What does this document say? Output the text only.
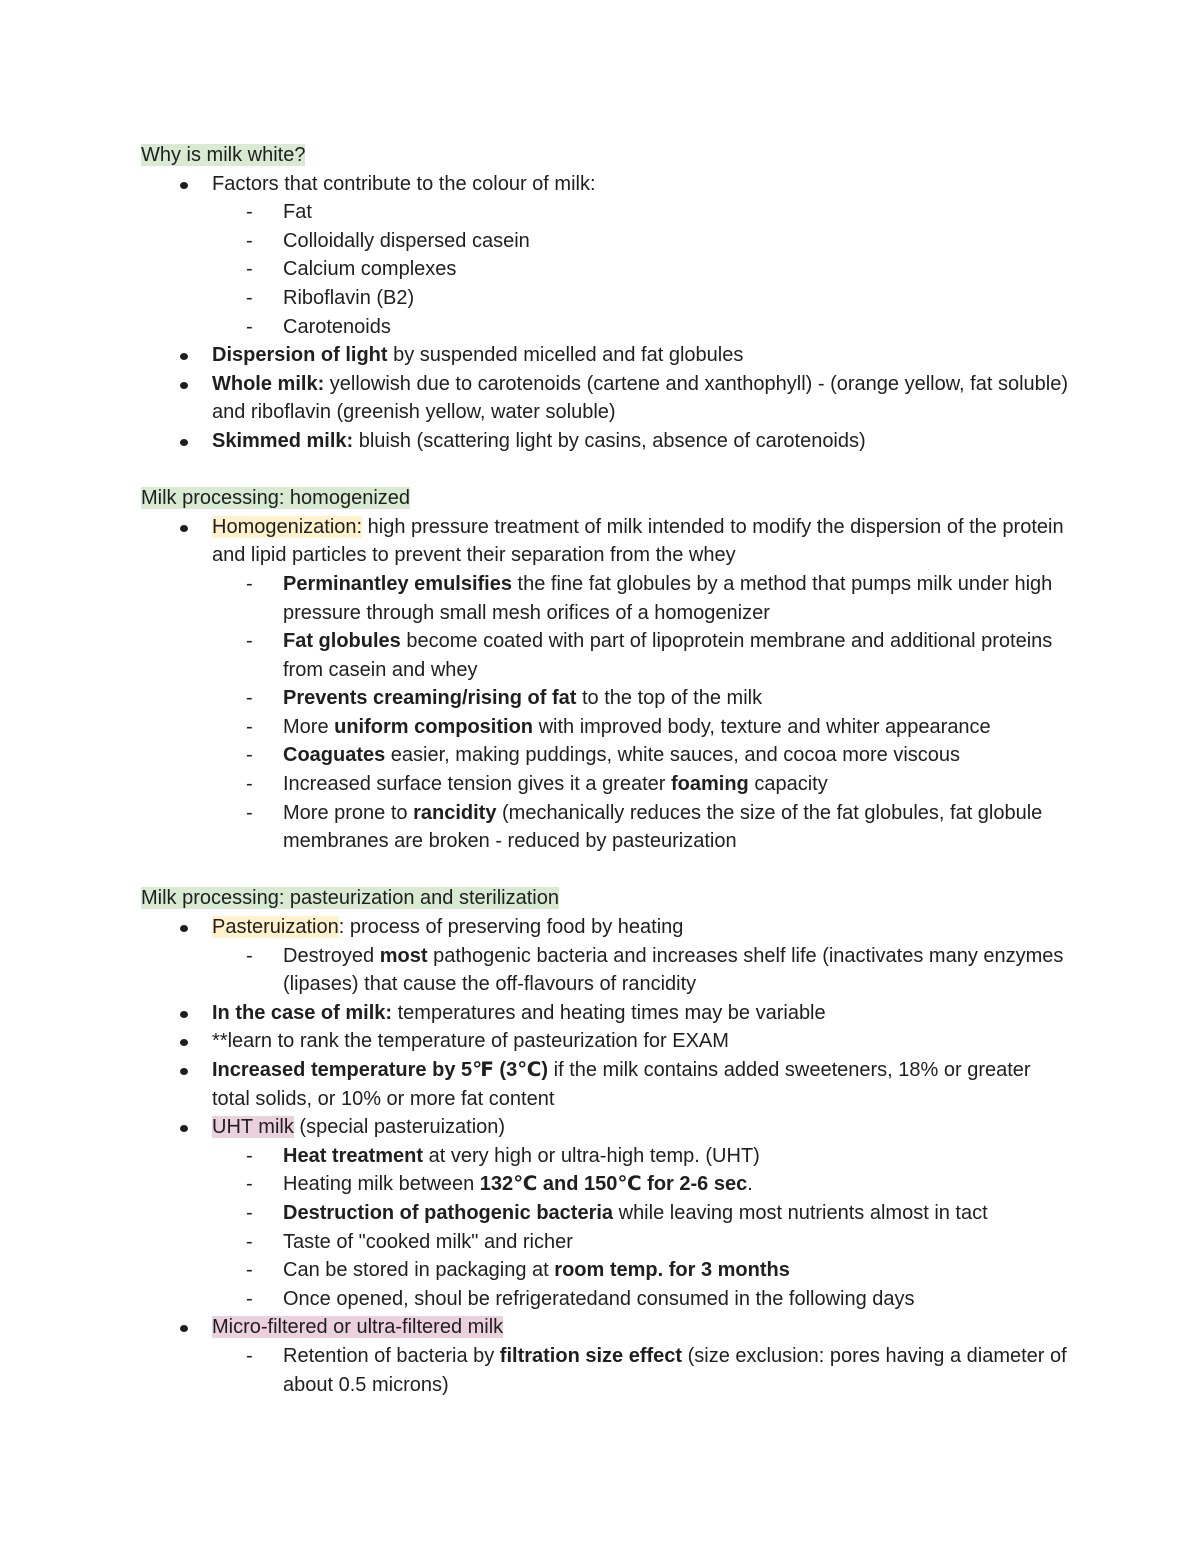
Why is milk white?
Factors that contribute to the colour of milk:
-	Fat
-	Colloidally dispersed casein
-	Calcium complexes
-	Riboflavin (B2)
-	Carotenoids
Dispersion of light by suspended micelled and fat globules
Whole milk: yellowish due to carotenoids (cartene and xanthophyll) - (orange yellow, fat soluble) and riboflavin (greenish yellow, water soluble)
Skimmed milk: bluish (scattering light by casins, absence of carotenoids)
Milk processing: homogenized
Homogenization: high pressure treatment of milk intended to modify the dispersion of the protein and lipid particles to prevent their separation from the whey
-	Perminantley emulsifies the fine fat globules by a method that pumps milk under high pressure through small mesh orifices of a homogenizer
-	Fat globules become coated with part of lipoprotein membrane and additional proteins from casein and whey
-	Prevents creaming/rising of fat to the top of the milk
-	More uniform composition with improved body, texture and whiter appearance
-	Coaguates easier, making puddings, white sauces, and cocoa more viscous
-	Increased surface tension gives it a greater foaming capacity
-	More prone to rancidity (mechanically reduces the size of the fat globules, fat globule membranes are broken - reduced by pasteurization
Milk processing: pasteurization and sterilization
Pasteruization: process of preserving food by heating
-	Destroyed most pathogenic bacteria and increases shelf life (inactivates many enzymes (lipases) that cause the off-flavours of rancidity
In the case of milk: temperatures and heating times may be variable
**learn to rank the temperature of pasteurization for EXAM
Increased temperature by 5℉ (3℃) if the milk contains added sweeteners, 18% or greater total solids, or 10% or more fat content
UHT milk (special pasteruization)
-	Heat treatment at very high or ultra-high temp. (UHT)
-	Heating milk between 132℃ and 150℃ for 2-6 sec.
-	Destruction of pathogenic bacteria while leaving most nutrients almost in tact
-	Taste of "cooked milk" and richer
-	Can be stored in packaging at room temp. for 3 months
-	Once opened, shoul be refrigeratedand consumed in the following days
Micro-filtered or ultra-filtered milk
-	Retention of bacteria by filtration size effect (size exclusion: pores having a diameter of about 0.5 microns)
